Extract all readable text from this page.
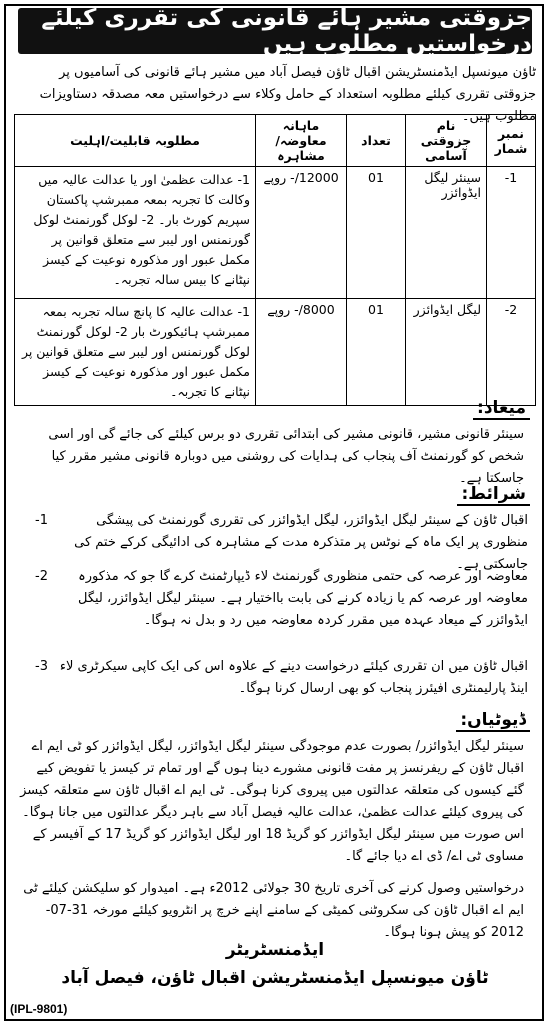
جزوقتی مشیر ہائے قانونی کی تقرری کیلئے درخواستیں مطلوب ہیں
ٹاؤن میونسپل ایڈمنسٹریشن اقبال ٹاؤن فیصل آباد میں مشیر ہائے قانونی کی آسامیوں پر جزوقتی تقرری کیلئے مطلوبہ استعداد کے حامل وکلاء سے درخواستیں معہ مصدقہ دستاویزات مطلوب ہیں۔
نمبر شمار	نام جزوقتی آسامی	تعداد	ماہانہ معاوضہ/مشاہرہ	مطلوبہ قابلیت/اہلیت
1-	سینئر لیگل ایڈوائزر	01	12000/- روپے	1- عدالت عظمیٰ اور یا عدالت عالیہ میں وکالت کا تجربہ بمعہ ممبرشپ پاکستان سپریم کورٹ بار۔ 2- لوکل گورنمنٹ لوکل گورنمنس اور لیبر سے متعلق قوانین پر مکمل عبور اور مذکورہ نوعیت کے کیسز نپٹانے کا بیس سالہ تجربہ۔
2-	لیگل ایڈوائزر	01	8000/- روپے	1- عدالت عالیہ کا پانچ سالہ تجربہ بمعہ ممبرشپ ہائیکورٹ بار 2- لوکل گورنمنٹ لوکل گورنمنس اور لیبر سے متعلق قوانین پر مکمل عبور اور مذکورہ نوعیت کے کیسز نپٹانے کا تجربہ۔
میعاد:
سینئر قانونی مشیر، قانونی مشیر کی ابتدائی تقرری دو برس کیلئے کی جائے گی اور اسی شخص کو گورنمنٹ آف پنجاب کی ہدایات کی روشنی میں دوبارہ قانونی مشیر مقرر کیا جاسکتا ہے۔
شرائط:
1-	اقبال ٹاؤن کے سینئر لیگل ایڈوائزر، لیگل ایڈوائزر کی تقرری گورنمنٹ کی پیشگی منظوری پر ایک ماہ کے نوٹس پر متذکرہ مدت کے مشاہرہ کی ادائیگی کرکے ختم کی جاسکتی ہے۔
2-	معاوضہ اور عرصہ کی حتمی منظوری گورنمنٹ لاء ڈیپارٹمنٹ کرے گا جو کہ مذکورہ معاوضہ اور عرصہ کم یا زیادہ کرنے کی بابت بااختیار ہے۔ سینئر لیگل ایڈوائزر، لیگل ایڈوائزر کے میعاد عہدہ میں مقرر کردہ معاوضہ میں رد و بدل نہ ہوگا۔
3- اقبال ٹاؤن میں ان تقرری کیلئے درخواست دینے کے علاوہ اس کی ایک کاپی سیکرٹری لاء اینڈ پارلیمنٹری افیئرز پنجاب کو بھی ارسال کرنا ہوگا۔
ڈیوٹیاں:
سینئر لیگل ایڈوائزر/ بصورت عدم موجودگی سینئر لیگل ایڈوائزر، لیگل ایڈوائزر کو ٹی ایم اے اقبال ٹاؤن کے ریفرنسز پر مفت قانونی مشورے دینا ہوں گے اور تمام تر کیسز یا تفویض کیے گئے کیسوں کی متعلقہ عدالتوں میں پیروی کرنا ہوگی۔ ٹی ایم اے اقبال ٹاؤن سے متعلقہ کیسز کی پیروی کیلئے عدالت عظمیٰ، عدالت عالیہ فیصل آباد سے باہر دیگر عدالتوں میں جانا ہوگا۔ اس صورت میں سینئر لیگل ایڈوائزر کو گریڈ 18 اور لیگل ایڈوائزر کو گریڈ 17 کے آفیسر کے مساوی ٹی اے/ ڈی اے دیا جائے گا۔
درخواستیں وصول کرنے کی آخری تاریخ 30 جولائی 2012ء ہے۔ امیدوار کو سلیکشن کیلئے ٹی ایم اے اقبال ٹاؤن کی سکروٹنی کمیٹی کے سامنے اپنے خرچ پر انٹرویو کیلئے مورخہ 31-07-2012 کو پیش ہونا ہوگا۔
ایڈمنسٹریٹر
ٹاؤن میونسپل ایڈمنسٹریشن اقبال ٹاؤن، فیصل آباد
(IPL-9801)
